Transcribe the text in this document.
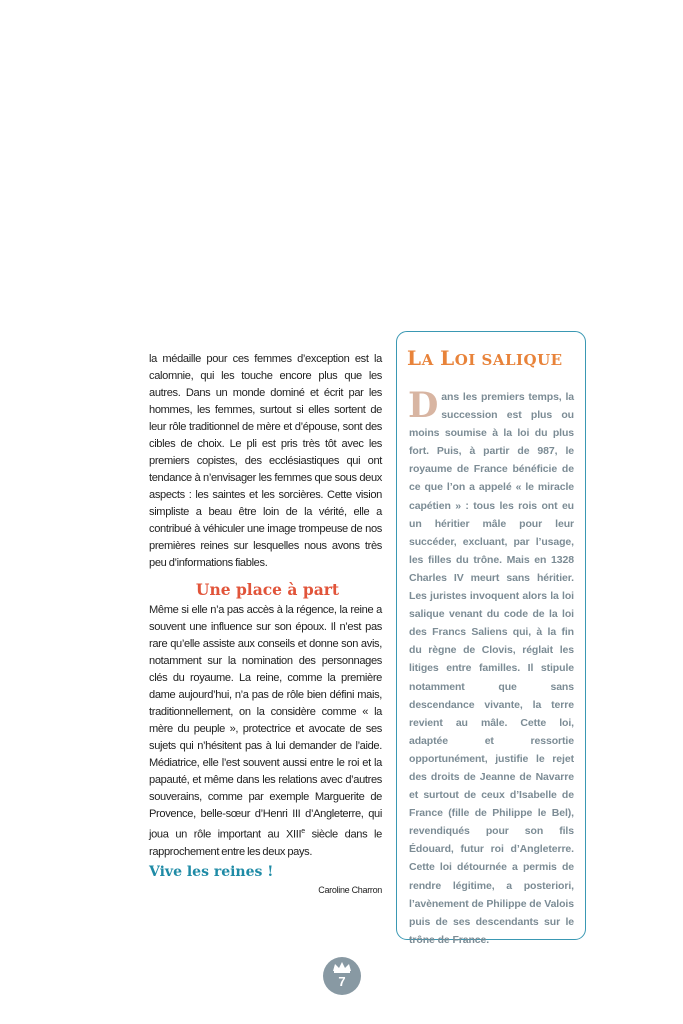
la médaille pour ces femmes d’exception est la calomnie, qui les touche encore plus que les autres. Dans un monde dominé et écrit par les hommes, les femmes, surtout si elles sortent de leur rôle traditionnel de mère et d’épouse, sont des cibles de choix. Le pli est pris très tôt avec les premiers copistes, des ecclésiastiques qui ont tendance à n’envisager les femmes que sous deux aspects : les saintes et les sorcières. Cette vision simpliste a beau être loin de la vérité, elle a contribué à véhiculer une image trompeuse de nos premières reines sur lesquelles nous avons très peu d’informations fiables.

Une place à part

Même si elle n’a pas accès à la régence, la reine a souvent une influence sur son époux. Il n’est pas rare qu’elle assiste aux conseils et donne son avis, notamment sur la nomination des personnages clés du royaume. La reine, comme la première dame aujourd’hui, n’a pas de rôle bien défini mais, traditionnellement, on la considère comme « la mère du peuple », protectrice et avocate de ses sujets qui n’hésitent pas à lui demander de l’aide. Médiatrice, elle l’est souvent aussi entre le roi et la papauté, et même dans les relations avec d’autres souverains, comme par exemple Marguerite de Provence, belle-sœur d’Henri III d’Angleterre, qui joua un rôle important au XIIIe siècle dans le rapprochement entre les deux pays.

Vive les reines !

Caroline Charron

LA LOI SALIQUE
Dans les premiers temps, la succession est plus ou moins soumise à la loi du plus fort. Puis, à partir de 987, le royaume de France bénéficie de ce que l’on a appelé « le miracle capétien » : tous les rois ont eu un héritier mâle pour leur succéder, excluant, par l’usage, les filles du trône. Mais en 1328 Charles IV meurt sans héritier. Les juristes invoquent alors la loi salique venant du code de la loi des Francs Saliens qui, à la fin du règne de Clovis, réglait les litiges entre familles. Il stipule notamment que sans descendance vivante, la terre revient au mâle. Cette loi, adaptée et ressortie opportunément, justifie le rejet des droits de Jeanne de Navarre et surtout de ceux d’Isabelle de France (fille de Philippe le Bel), revendiqués pour son fils Édouard, futur roi d’Angleterre. Cette loi détournée a permis de rendre légitime, a posteriori, l’avènement de Philippe de Valois puis de ses descendants sur le trône de France.
7
